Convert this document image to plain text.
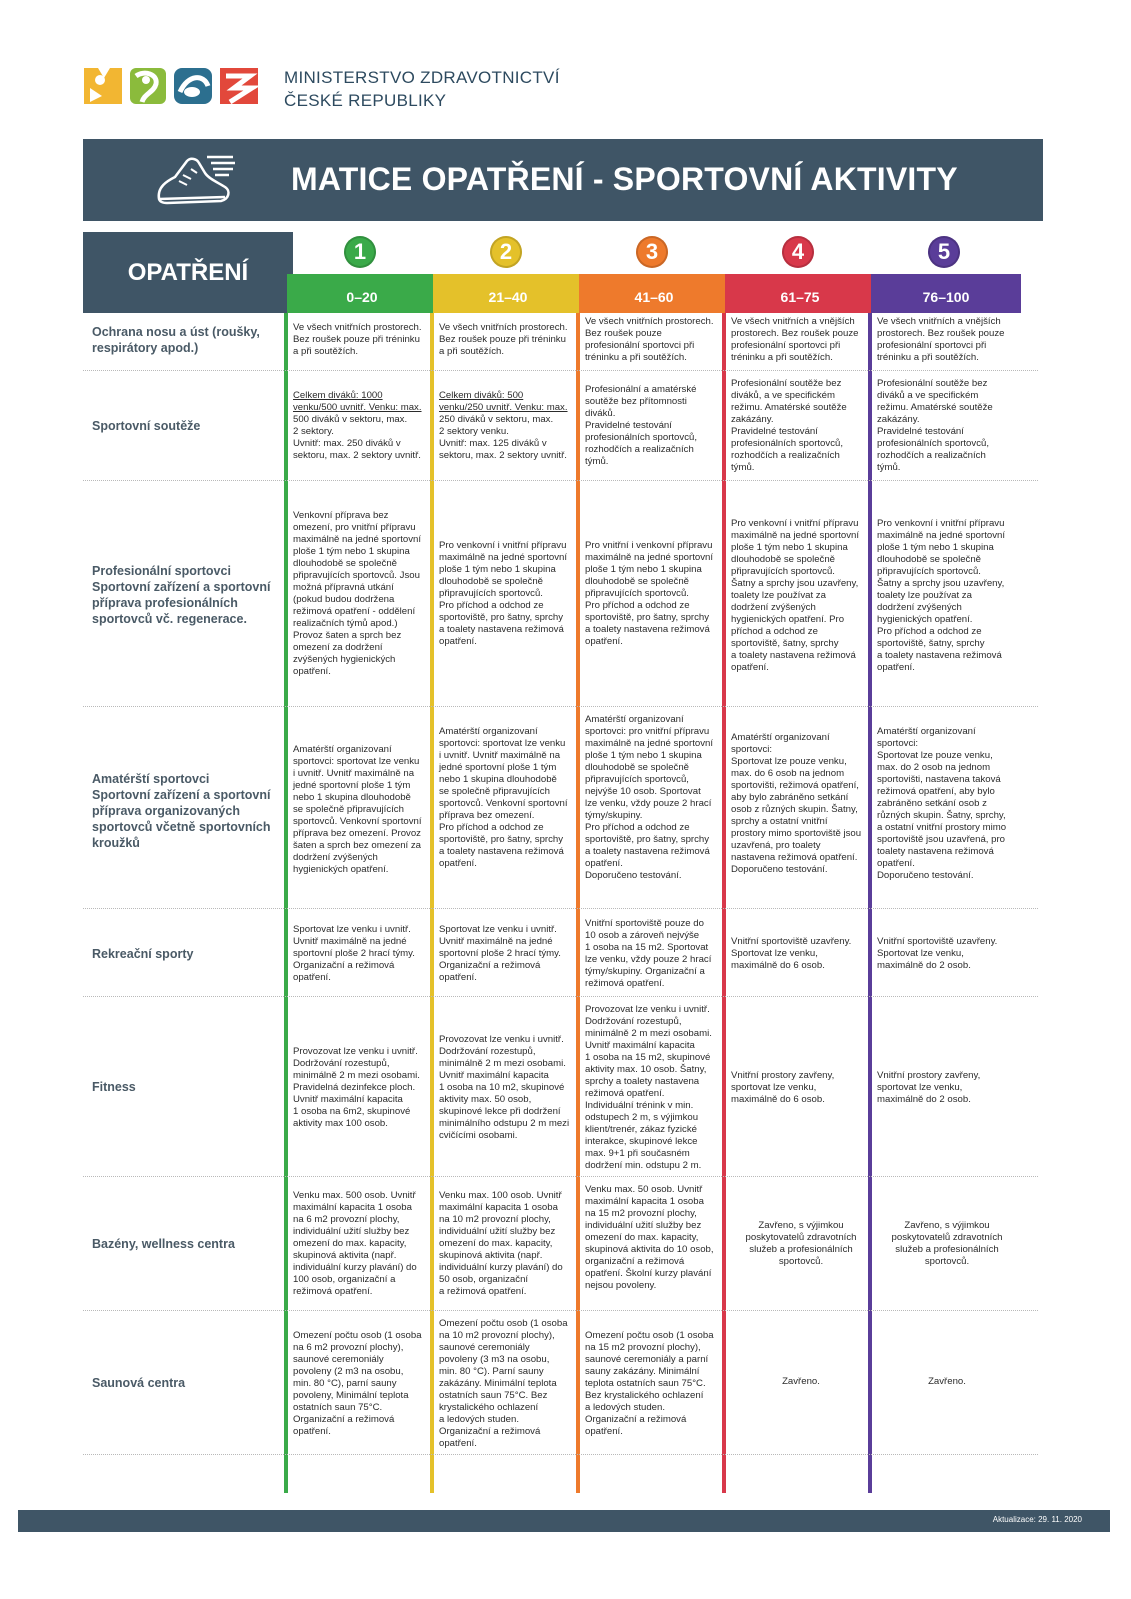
MINISTERSTVO ZDRAVOTNICTVÍ
ČESKÉ REPUBLIKY
MATICE OPATŘENÍ - SPORTOVNÍ AKTIVITY
OPATŘENÍ
1
0–20
2
21–40
3
41–60
4
61–75
5
76–100
Ochrana nosu a úst (roušky,
respirátory apod.)
Ve všech vnitřních prostorech.
Bez roušek pouze při tréninku
a při soutěžích.
Ve všech vnitřních prostorech.
Bez roušek pouze při tréninku
a při soutěžích.
Ve všech vnitřních prostorech.
Bez roušek pouze
profesionální sportovci při
tréninku a při soutěžích.
Ve všech vnitřních a vnějších
prostorech. Bez roušek pouze
profesionální sportovci při
tréninku a při soutěžích.
Ve všech vnitřních a vnějších
prostorech. Bez roušek pouze
profesionální sportovci při
tréninku a při soutěžích.
Sportovní soutěže
Celkem diváků: 1000
venku/500 uvnitř. Venku: max.
500 diváků v sektoru, max.
2 sektory.
Uvnitř: max. 250 diváků v
sektoru, max. 2 sektory uvnitř.
Celkem diváků: 500
venku/250 uvnitř. Venku: max.
250 diváků v sektoru, max.
2 sektory venku.
Uvnitř: max. 125 diváků v
sektoru, max. 2 sektory uvnitř.
Profesionální a amatérské
soutěže bez přítomnosti
diváků.
Pravidelné testování
profesionálních sportovců,
rozhodčích a realizačních
týmů.
Profesionální soutěže bez
diváků, a ve specifickém
režimu. Amatérské soutěže
zakázány.
Pravidelné testování
profesionálních sportovců,
rozhodčích a realizačních
týmů.
Profesionální soutěže bez
diváků a ve specifickém
režimu. Amatérské soutěže
zakázány.
Pravidelné testování
profesionálních sportovců,
rozhodčích a realizačních
týmů.
Profesionální sportovci
Sportovní zařízení a sportovní
příprava profesionálních
sportovců vč. regenerace.
Venkovní příprava bez
omezení, pro vnitřní přípravu
maximálně na jedné sportovní
ploše 1 tým nebo 1 skupina
dlouhodobě se společně
připravujících sportovců. Jsou
možná přípravná utkání
(pokud budou dodržena
režimová opatření - oddělení
realizačních týmů apod.)
Provoz šaten a sprch bez
omezení za dodržení
zvýšených hygienických
opatření.
Pro venkovní i vnitřní přípravu
maximálně na jedné sportovní
ploše 1 tým nebo 1 skupina
dlouhodobě se společně
připravujících sportovců.
Pro příchod a odchod ze
sportoviště, pro šatny, sprchy
a toalety nastavena režimová
opatření.
Pro vnitřní i venkovní přípravu
maximálně na jedné sportovní
ploše 1 tým nebo 1 skupina
dlouhodobě se společně
připravujících sportovců.
Pro příchod a odchod ze
sportoviště, pro šatny, sprchy
a toalety nastavena režimová
opatření.
Pro venkovní i vnitřní přípravu
maximálně na jedné sportovní
ploše 1 tým nebo 1 skupina
dlouhodobě se společně
připravujících sportovců.
Šatny a sprchy jsou uzavřeny,
toalety lze používat za
dodržení zvýšených
hygienických opatření. Pro
příchod a odchod ze
sportoviště, šatny, sprchy
a toalety nastavena režimová
opatření.
Pro venkovní i vnitřní přípravu
maximálně na jedné sportovní
ploše 1 tým nebo 1 skupina
dlouhodobě se společně
připravujících sportovců.
Šatny a sprchy jsou uzavřeny,
toalety lze používat za
dodržení zvýšených
hygienických opatření.
Pro příchod a odchod ze
sportoviště, šatny, sprchy
a toalety nastavena režimová
opatření.
Amatérští sportovci
Sportovní zařízení a sportovní
příprava organizovaných
sportovců včetně sportovních
kroužků
Amatérští organizovaní
sportovci: sportovat lze venku
i uvnitř. Uvnitř maximálně na
jedné sportovní ploše 1 tým
nebo 1 skupina dlouhodobě
se společně připravujících
sportovců. Venkovní sportovní
příprava bez omezení. Provoz
šaten a sprch bez omezení za
dodržení zvýšených
hygienických opatření.
Amatérští organizovaní
sportovci: sportovat lze venku
i uvnitř. Uvnitř maximálně na
jedné sportovní ploše 1 tým
nebo 1 skupina dlouhodobě
se společně připravujících
sportovců. Venkovní sportovní
příprava bez omezení.
Pro příchod a odchod ze
sportoviště, pro šatny, sprchy
a toalety nastavena režimová
opatření.
Amatérští organizovaní
sportovci: pro vnitřní přípravu
maximálně na jedné sportovní
ploše 1 tým nebo 1 skupina
dlouhodobě se společně
připravujících sportovců,
nejvýše 10 osob. Sportovat
lze venku, vždy pouze 2 hrací
týmy/skupiny.
Pro příchod a odchod ze
sportoviště, pro šatny, sprchy
a toalety nastavena režimová
opatření.
Doporučeno testování.
Amatérští organizovaní
sportovci:
Sportovat lze pouze venku,
max. do 6 osob na jednom
sportovišti, režimová opatření,
aby bylo zabráněno setkání
osob z různých skupin. Šatny,
sprchy a ostatní vnitřní
prostory mimo sportoviště jsou
uzavřená, pro toalety
nastavena režimová opatření.
Doporučeno testování.
Amatérští organizovaní
sportovci:
Sportovat lze pouze venku,
max. do 2 osob na jednom
sportovišti, nastavena taková
režimová opatření, aby bylo
zabráněno setkání osob z
různých skupin. Šatny, sprchy,
a ostatní vnitřní prostory mimo
sportoviště jsou uzavřená, pro
toalety nastavena režimová
opatření.
Doporučeno testování.
Rekreační sporty
Sportovat lze venku i uvnitř.
Uvnitř maximálně na jedné
sportovní ploše 2 hrací týmy.
Organizační a režimová
opatření.
Sportovat lze venku i uvnitř.
Uvnitř maximálně na jedné
sportovní ploše 2 hrací týmy.
Organizační a režimová
opatření.
Vnitřní sportoviště pouze do
10 osob a zároveň nejvýše
1 osoba na 15 m2. Sportovat
lze venku, vždy pouze 2 hrací
týmy/skupiny. Organizační a
režimová opatření.
Vnitřní sportoviště uzavřeny.
Sportovat lze venku,
maximálně do 6 osob.
Vnitřní sportoviště uzavřeny.
Sportovat lze venku,
maximálně do 2 osob.
Fitness
Provozovat lze venku i uvnitř.
Dodržování rozestupů,
minimálně 2 m mezi osobami.
Pravidelná dezinfekce ploch.
Uvnitř maximální kapacita
1 osoba na 6m2, skupinové
aktivity max 100 osob.
Provozovat lze venku i uvnitř.
Dodržování rozestupů,
minimálně 2 m mezi osobami.
Uvnitř maximální kapacita
1 osoba na 10 m2, skupinové
aktivity max. 50 osob,
skupinové lekce při dodržení
minimálního odstupu 2 m mezi
cvičícími osobami.
Provozovat lze venku i uvnitř.
Dodržování rozestupů,
minimálně 2 m mezi osobami.
Uvnitř maximální kapacita
1 osoba na 15 m2, skupinové
aktivity max. 10 osob. Šatny,
sprchy a toalety nastavena
režimová opatření.
Individuální trénink v min.
odstupech 2 m, s výjimkou
klient/trenér, zákaz fyzické
interakce, skupinové lekce
max. 9+1 při současném
dodržení min. odstupu 2 m.
Vnitřní prostory zavřeny,
sportovat lze venku,
maximálně do 6 osob.
Vnitřní prostory zavřeny,
sportovat lze venku,
maximálně do 2 osob.
Bazény, wellness centra
Venku max. 500 osob. Uvnitř
maximální kapacita 1 osoba
na 6 m2 provozní plochy,
individuální užití služby bez
omezení do max. kapacity,
skupinová aktivita (např.
individuální kurzy plavání) do
100 osob, organizační a
režimová opatření.
Venku max. 100 osob. Uvnitř
maximální kapacita 1 osoba
na 10 m2 provozní plochy,
individuální užití služby bez
omezení do max. kapacity,
skupinová aktivita (např.
individuální kurzy plavání) do
50 osob, organizační
a režimová opatření.
Venku max. 50 osob. Uvnitř
maximální kapacita 1 osoba
na 15 m2 provozní plochy,
individuální užití služby bez
omezení do max. kapacity,
skupinová aktivita do 10 osob,
organizační a režimová
opatření. Školní kurzy plavání
nejsou povoleny.
Zavřeno, s výjimkou
poskytovatelů zdravotních
služeb a profesionálních
sportovců.
Zavřeno, s výjimkou
poskytovatelů zdravotních
služeb a profesionálních
sportovců.
Saunová centra
Omezení počtu osob (1 osoba
na 6 m2 provozní plochy),
saunové ceremoniály
povoleny (2 m3 na osobu,
min. 80 °C), parní sauny
povoleny, Minimální teplota
ostatních saun 75°C.
Organizační a režimová
opatření.
Omezení počtu osob (1 osoba
na 10 m2 provozní plochy),
saunové ceremoniály
povoleny (3 m3 na osobu,
min. 80 °C). Parní sauny
zakázány. Minimální teplota
ostatních saun 75°C. Bez
krystalického ochlazení
a ledových studen.
Organizační a režimová
opatření.
Omezení počtu osob (1 osoba
na 15 m2 provozní plochy),
saunové ceremoniály a parní
sauny zakázány. Minimální
teplota ostatních saun 75°C.
Bez krystalického ochlazení
a ledových studen.
Organizační a režimová
opatření.
Zavřeno.	Zavřeno.
Aktualizace: 29. 11. 2020
